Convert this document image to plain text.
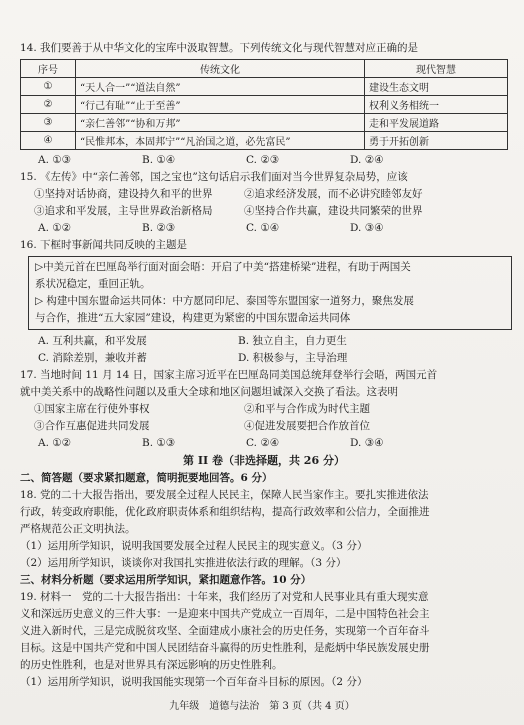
14. 我们要善于从中华文化的宝库中汲取智慧。下列传统文化与现代智慧对应正确的是

序号	传统文化	现代智慧
①	“天人合一”“道法自然”	建设生态文明
②	“行己有耻”“止于至善”	权利义务相统一
③	“亲仁善邻”“协和万邦”	走和平发展道路
④	“民惟邦本，本固邦宁”“凡治国之道，必先富民”	勇于开拓创新
A. ①③	B. ①④	C. ②③	D. ②④

15. 《左传》中“亲仁善邻，国之宝也”这句话启示我们面对当今世界复杂局势，应该

①坚持对话协商，建设持久和平的世界	②追求经济发展，而不必讲究睦邻友好
③追求和平发展，主导世界政治新格局	④坚持合作共赢，建设共同繁荣的世界
A. ①②	B. ②③	C. ①④	D. ③④

16. 下框时事新闻共同反映的主题是

▷中美元首在巴厘岛举行面对面会晤：开启了中美“搭建桥梁”进程，有助于两国关
系状况稳定，重回正轨。
▷ 构建中国东盟命运共同体：中方愿同印尼、泰国等东盟国家一道努力，聚焦发展
与合作，推进“五大家园”建设，构建更为紧密的中国东盟命运共同体
A. 互利共赢，和平发展	B. 独立自主，自力更生
C. 消除差别，兼收并蓄	D. 积极参与，主导治理

17. 当地时间 11 月 14 日，国家主席习近平在巴厘岛同美国总统拜登举行会晤，两国元首

就中美关系中的战略性问题以及重大全球和地区问题坦诚深入交换了看法。这表明

①国家主席在行使外事权	②和平与合作成为时代主题
③合作互惠促进共同发展	④促进发展要把合作放首位
A. ①②	B. ①③	C. ②④	D. ③④
第 II 卷（非选择题，共 26 分）

二、简答题（要求紧扣题意，简明扼要地回答。6 分）

18. 党的二十大报告指出，要发展全过程人民民主，保障人民当家作主。要扎实推进依法

行政，转变政府职能，优化政府职责体系和组织结构，提高行政效率和公信力，全面推进

严格规范公正文明执法。

（1）运用所学知识，说明我国要发展全过程人民民主的现实意义。（3 分）

（2）运用所学知识，谈谈你对我国扎实推进依法行政的理解。（3 分）

三、材料分析题（要求运用所学知识，紧扣题意作答。10 分）

19. 材料一　党的二十大报告指出：十年来，我们经历了对党和人民事业具有重大现实意

义和深远历史意义的三件大事：一是迎来中国共产党成立一百周年，二是中国特色社会主

义进入新时代，三是完成脱贫攻坚、全面建成小康社会的历史任务，实现第一个百年奋斗

目标。这是中国共产党和中国人民团结奋斗赢得的历史性胜利，是彪炳中华民族发展史册

的历史性胜利，也是对世界具有深远影响的历史性胜利。

（1）运用所学知识，说明我国能实现第一个百年奋斗目标的原因。（2 分）

九年级　道德与法治　第 3 页（共 4 页）
